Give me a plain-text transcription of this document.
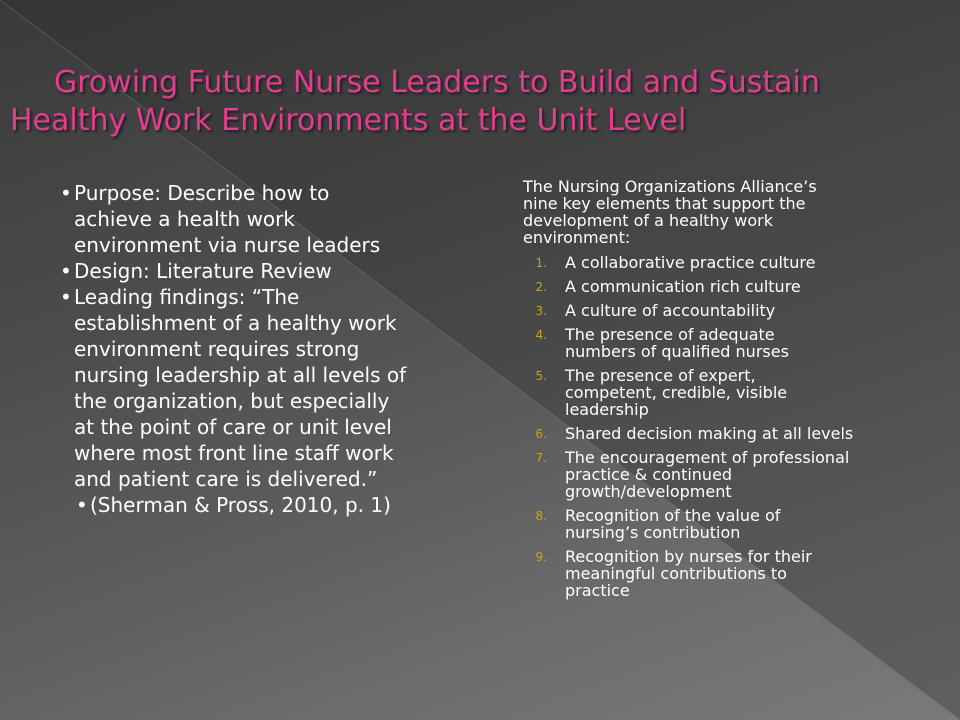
Growing Future Nurse Leaders to Build and Sustain
Healthy Work Environments at the Unit Level

• Purpose: Describe how to
achieve a health work
environment via nurse leaders

• Design: Literature Review

• Leading findings: “The
establishment of a healthy work
environment requires strong
nursing leadership at all levels of
the organization, but especially
at the point of care or unit level
where most front line staff work
and patient care is delivered.”

• (Sherman & Pross, 2010, p. 1)

The Nursing Organizations Alliance’s
nine key elements that support the
development of a healthy work
environment:
1. A collaborative practice culture
2. A communication rich culture
3. A culture of accountability
4. The presence of adequate
numbers of qualified nurses
5. The presence of expert,
competent, credible, visible
leadership
6. Shared decision making at all levels
7. The encouragement of professional
practice & continued
growth/development
8. Recognition of the value of
nursing’s contribution
9. Recognition by nurses for their
meaningful contributions to
practice
